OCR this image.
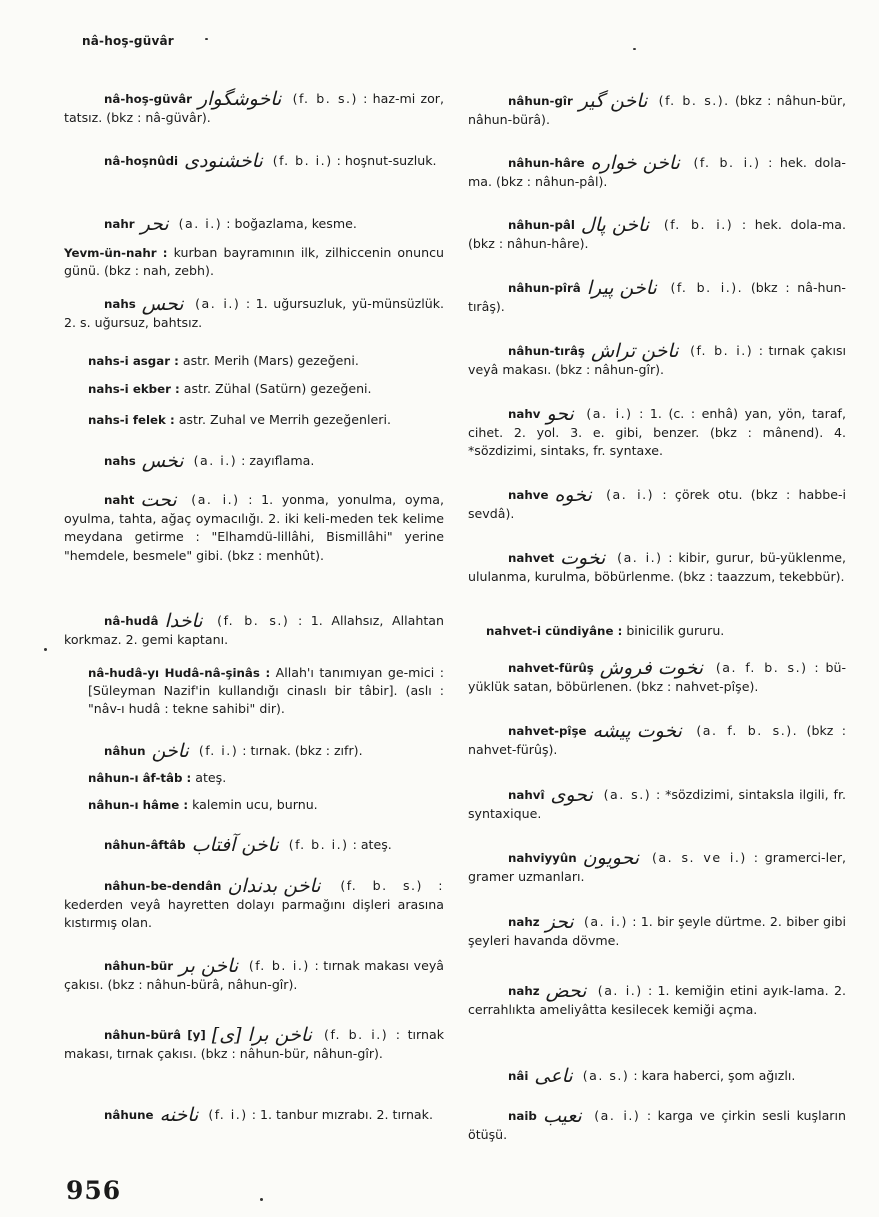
nâ-hoş-güvâr
nâ-hoş-güvâr ناخوشگوار (f. b. s.) : haz-mi zor, tatsız. (bkz : nâ-güvâr).
nâ-hoşnûdi ناخشنودی (f. b. i.) : hoşnut-suzluk.
nahr نحر (a. i.) : boğazlama, kesme.
Yevm-ün-nahr : kurban bayramının ilk, zilhiccenin onuncu günü. (bkz : nah, zebh).
nahs نحس (a. i.) : 1. uğursuzluk, yü-münsüzlük. 2. s. uğursuz, bahtsız.
nahs-i asgar : astr. Merih (Mars) gezeğeni.
nahs-i ekber : astr. Zühal (Satürn) gezeğeni.
nahs-i felek : astr. Zuhal ve Merrih gezeğenleri.
nahs نخس (a. i.) : zayıflama.
naht نحت (a. i.) : 1. yonma, yonulma, oyma, oyulma, tahta, ağaç oymacılığı. 2. iki keli-meden tek kelime meydana getirme : "Elhamdü-lillâhi, Bismillâhi" yerine "hemdele, besmele" gibi. (bkz : menhût).
nâ-hudâ ناخدا (f. b. s.) : 1. Allahsız, Allahtan korkmaz. 2. gemi kaptanı.
nâ-hudâ-yı Hudâ-nâ-şinâs : Allah'ı tanımıyan ge-mici : [Süleyman Nazif'in kullandığı cinaslı bir tâbir]. (aslı : "nâv-ı hudâ : tekne sahibi" dir).
nâhun ناخن (f. i.) : tırnak. (bkz : zıfr).
nâhun-ı âf-tâb : ateş.
nâhun-ı hâme : kalemin ucu, burnu.
nâhun-âftâb ناخن آفتاب (f. b. i.) : ateş.
nâhun-be-dendân ناخن بدندان (f. b. s.) : kederden veyâ hayretten dolayı parmağını dişleri arasına kıstırmış olan.
nâhun-bür ناخن بر (f. b. i.) : tırnak makası veyâ çakısı. (bkz : nâhun-bürâ, nâhun-gîr).
nâhun-bürâ [y] ناخن برا [ی] (f. b. i.) : tırnak makası, tırnak çakısı. (bkz : nâhun-bür, nâhun-gîr).
nâhune ناخنه (f. i.) : 1. tanbur mızrabı. 2. tırnak.
nâhun-gîr ناخن گیر (f. b. s.). (bkz : nâhun-bür, nâhun-bürâ).
nâhun-hâre ناخن خواره (f. b. i.) : hek. dola-ma. (bkz : nâhun-pâl).
nâhun-pâl ناخن پال (f. b. i.) : hek. dola-ma. (bkz : nâhun-hâre).
nâhun-pîrâ ناخن پیرا (f. b. i.). (bkz : nâ-hun-tırâş).
nâhun-tırâş ناخن تراش (f. b. i.) : tırnak çakısı veyâ makası. (bkz : nâhun-gîr).
nahv نحو (a. i.) : 1. (c. : enhâ) yan, yön, taraf, cihet. 2. yol. 3. e. gibi, benzer. (bkz : mânend). 4. *sözdizimi, sintaks, fr. syntaxe.
nahve نخوه (a. i.) : çörek otu. (bkz : habbe-i sevdâ).
nahvet نخوت (a. i.) : kibir, gurur, bü-yüklenme, ululanma, kurulma, böbürlenme. (bkz : taazzum, tekebbür).
nahvet-i cündiyâne : binicilik gururu.
nahvet-fürûş نخوت فروش (a. f. b. s.) : bü-yüklük satan, böbürlenen. (bkz : nahvet-pîşe).
nahvet-pîşe نخوت پیشه (a. f. b. s.). (bkz : nahvet-fürûş).
nahvî نحوی (a. s.) : *sözdizimi, sintaksla ilgili, fr. syntaxique.
nahviyyûn نحویون (a. s. ve i.) : gramerci-ler, gramer uzmanları.
nahz نحز (a. i.) : 1. bir şeyle dürtme. 2. biber gibi şeyleri havanda dövme.
nahz نحض (a. i.) : 1. kemiğin etini ayık-lama. 2. cerrahlıkta ameliyâtta kesilecek kemiği açma.
nâi ناعی (a. s.) : kara haberci, şom ağızlı.
naib نعیب (a. i.) : karga ve çirkin sesli kuşların ötüşü.
956
